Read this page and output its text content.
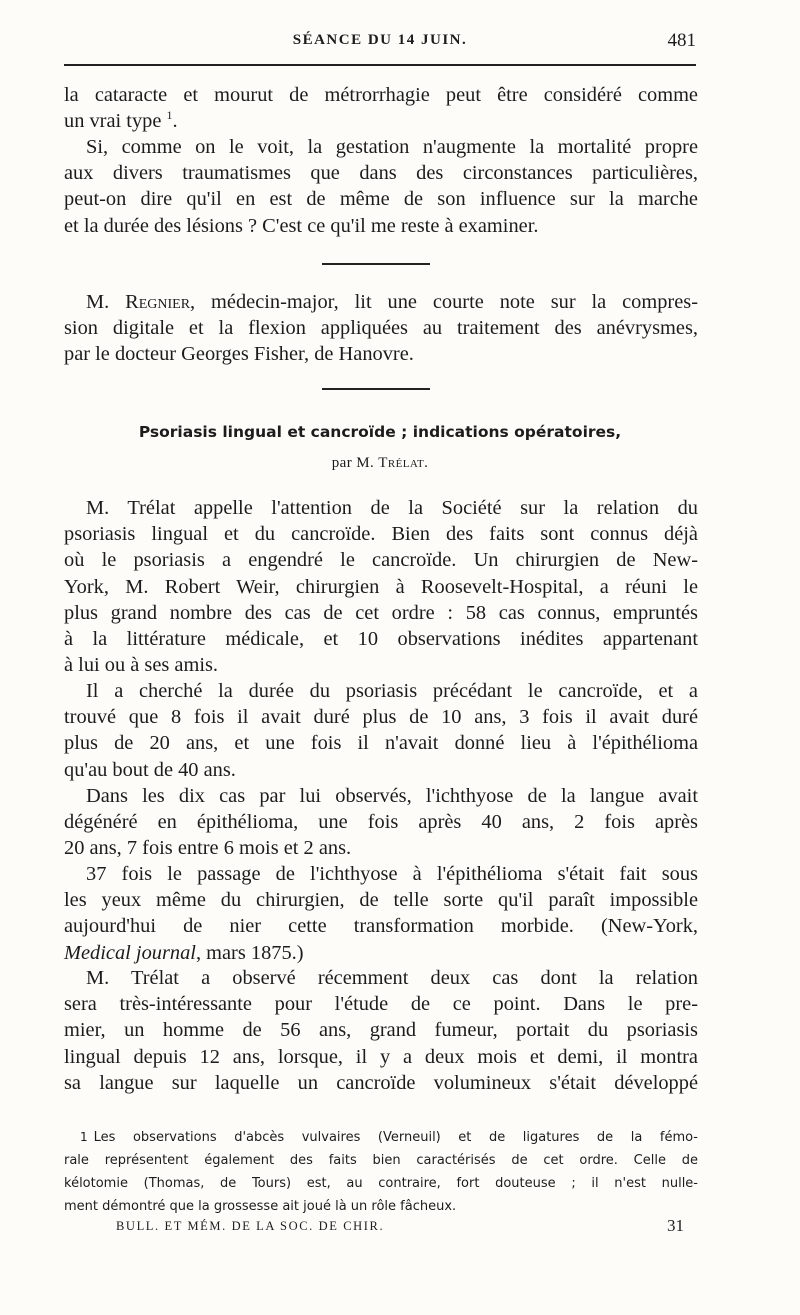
SÉANCE DU 14 JUIN.	481

la cataracte et mourut de métrorrhagie peut être considéré comme
un vrai type $^1$.

Si, comme on le voit, la gestation n'augmente la mortalité propre
aux divers traumatismes que dans des circonstances particulières,
peut-on dire qu'il en est de même de son influence sur la marche
et la durée des lésions ? C'est ce qu'il me reste à examiner.

M. Regnier, médecin-major, lit une courte note sur la compres-
sion digitale et la flexion appliquées au traitement des anévrysmes,
par le docteur Georges Fisher, de Hanovre.

Psoriasis lingual et cancroïde ; indications opératoires,
par M. Trélat.

M. Trélat appelle l'attention de la Société sur la relation du
psoriasis lingual et du cancroïde. Bien des faits sont connus déjà
où le psoriasis a engendré le cancroïde. Un chirurgien de New-
York, M. Robert Weir, chirurgien à Roosevelt-Hospital, a réuni le
plus grand nombre des cas de cet ordre : 58 cas connus, empruntés
à la littérature médicale, et 10 observations inédites appartenant
à lui ou à ses amis.

Il a cherché la durée du psoriasis précédant le cancroïde, et a
trouvé que 8 fois il avait duré plus de 10 ans, 3 fois il avait duré
plus de 20 ans, et une fois il n'avait donné lieu à l'épithélioma
qu'au bout de 40 ans.

Dans les dix cas par lui observés, l'ichthyose de la langue avait
dégénéré en épithélioma, une fois après 40 ans, 2 fois après
20 ans, 7 fois entre 6 mois et 2 ans.

37 fois le passage de l'ichthyose à l'épithélioma s'était fait sous
les yeux même du chirurgien, de telle sorte qu'il paraît impossible
aujourd'hui de nier cette transformation morbide. (New-York,
Medical journal, mars 1875.)

M. Trélat a observé récemment deux cas dont la relation
sera très-intéressante pour l'étude de ce point. Dans le pre-
mier, un homme de 56 ans, grand fumeur, portait du psoriasis
lingual depuis 12 ans, lorsque, il y a deux mois et demi, il montra
sa langue sur laquelle un cancroïde volumineux s'était développé

1 Les observations d'abcès vulvaires (Verneuil) et de ligatures de la fémo-
rale représentent également des faits bien caractérisés de cet ordre. Celle de
kélotomie (Thomas, de Tours) est, au contraire, fort douteuse ; il n'est nulle-
ment démontré que la grossesse ait joué là un rôle fâcheux.

BULL. ET MÉM. DE LA SOC. DE CHIR.	31
